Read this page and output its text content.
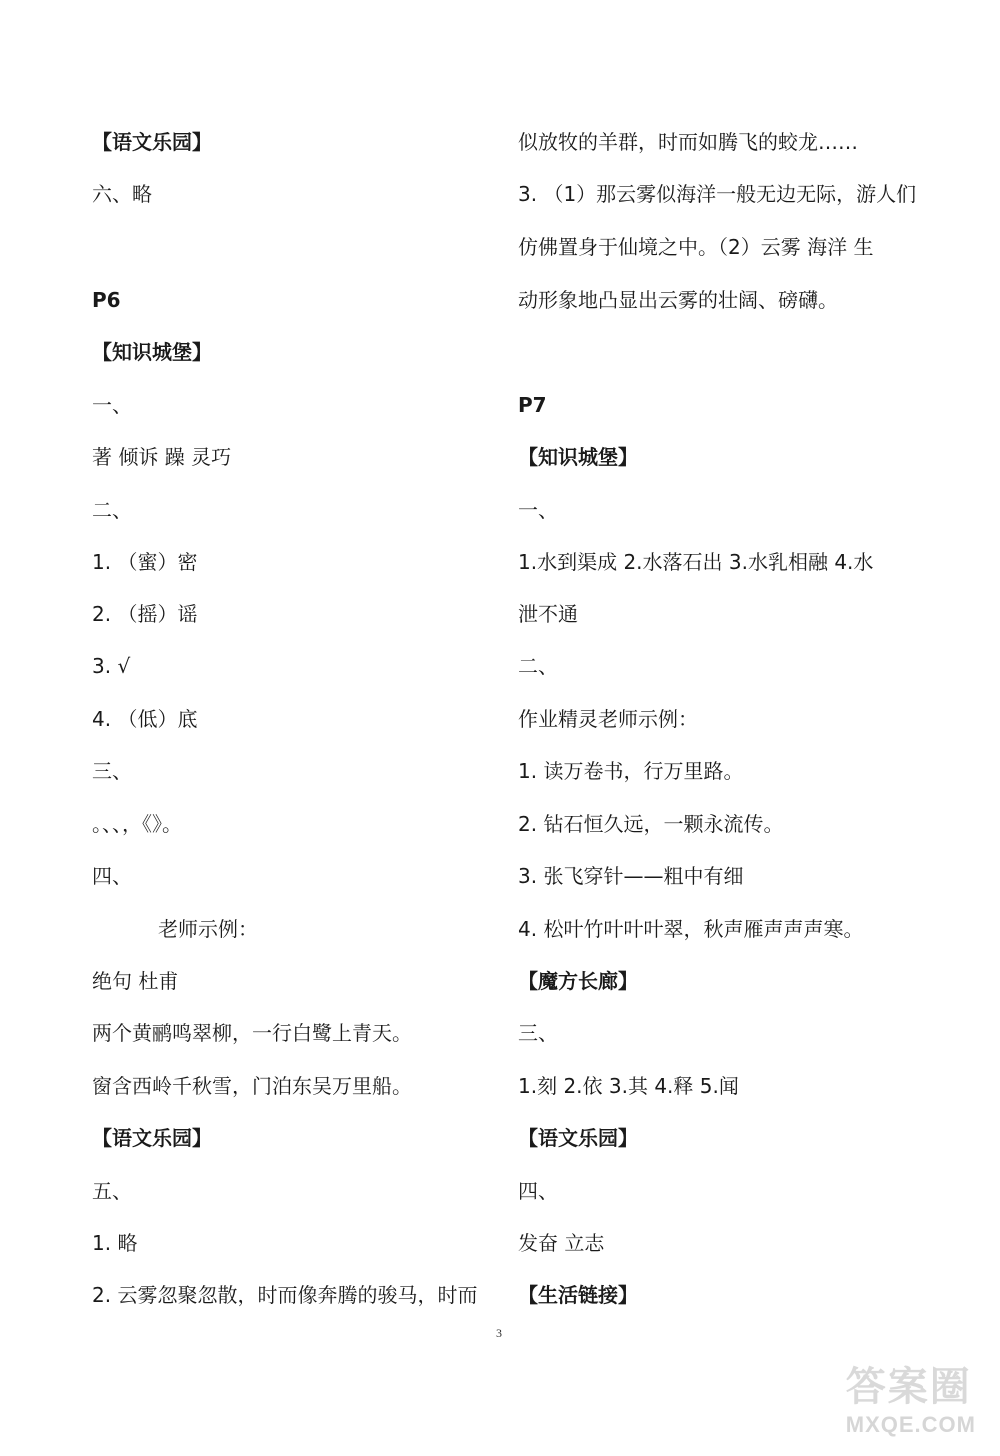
【语文乐园】
六、略
P6
【知识城堡】
一、
著 倾诉 躁 灵巧
二、
1. （蜜）密
2. （摇）谣
3. √
4. （低）底
三、
。、、，《》。
四、
老师示例：
绝句 杜甫
两个黄鹂鸣翠柳，一行白鹭上青天。
窗含西岭千秋雪，门泊东吴万里船。
【语文乐园】
五、
1. 略
2. 云雾忽聚忽散，时而像奔腾的骏马，时而
似放牧的羊群，时而如腾飞的蛟龙……
3. （1）那云雾似海洋一般无边无际，游人们
仿佛置身于仙境之中。（2）云雾 海洋 生
动形象地凸显出云雾的壮阔、磅礴。
P7
【知识城堡】
一、
1.水到渠成 2.水落石出 3.水乳相融 4.水
泄不通
二、
作业精灵老师示例：
1. 读万卷书，行万里路。
2. 钻石恒久远，一颗永流传。
3. 张飞穿针——粗中有细
4. 松叶竹叶叶叶翠，秋声雁声声声寒。
【魔方长廊】
三、
1.刻 2.依 3.其 4.释 5.闻
【语文乐园】
四、
发奋 立志
【生活链接】
3
答案圈
MXQE.COM
